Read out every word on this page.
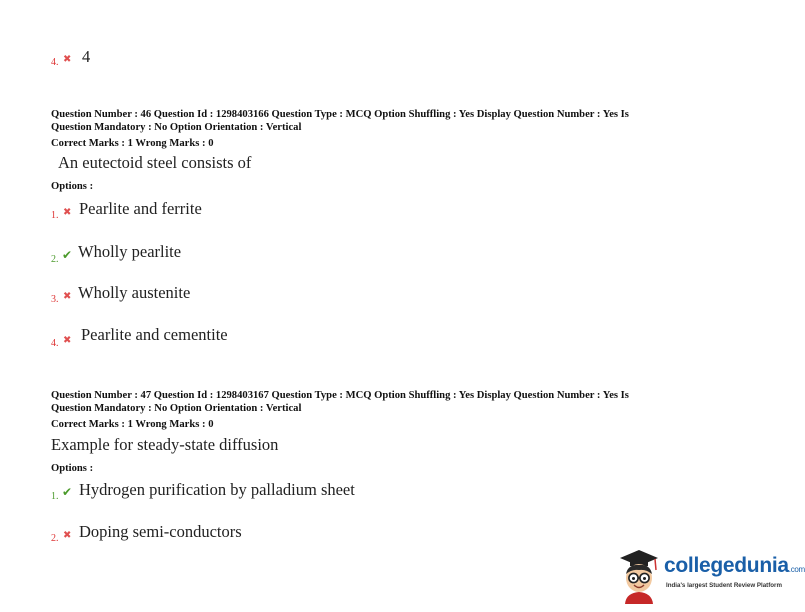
4. ✖ 4
Question Number : 46 Question Id : 1298403166 Question Type : MCQ Option Shuffling : Yes Display Question Number : Yes Is
Question Mandatory : No Option Orientation : Vertical
Correct Marks : 1 Wrong Marks : 0
An eutectoid steel consists of
Options :
1. ✖ Pearlite and ferrite
2. ✔ Wholly pearlite
3. ✖ Wholly austenite
4. ✖ Pearlite and cementite
Question Number : 47 Question Id : 1298403167 Question Type : MCQ Option Shuffling : Yes Display Question Number : Yes Is
Question Mandatory : No Option Orientation : Vertical
Correct Marks : 1 Wrong Marks : 0
Example for steady-state diffusion
Options :
1. ✔ Hydrogen purification by palladium sheet
2. ✖ Doping semi-conductors
collegedunia.com
India's largest Student Review Platform
